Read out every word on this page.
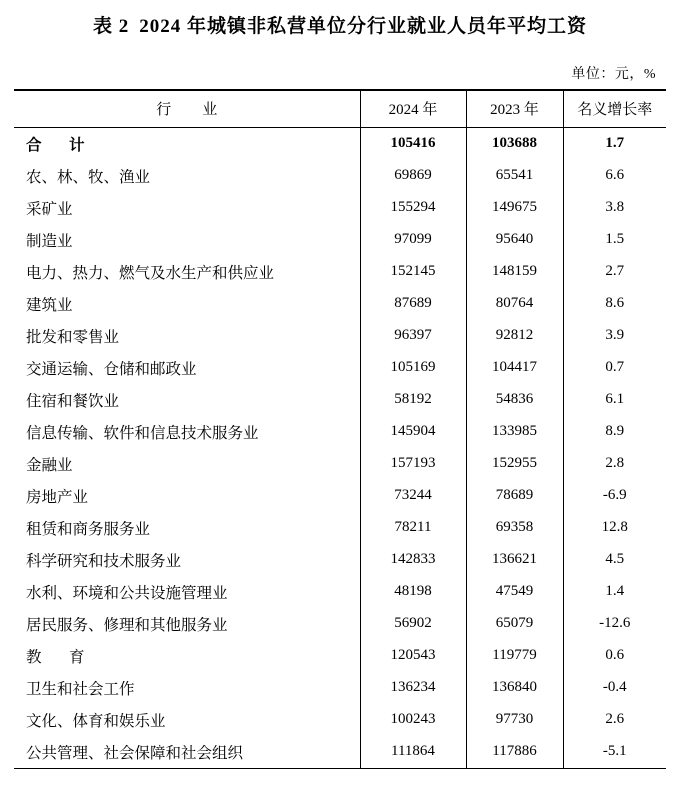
表 2 2024 年城镇非私营单位分行业就业人员年平均工资
单位：元，%
行　业	2024 年	2023 年	名义增长率
合　计	105416	103688	1.7
农、林、牧、渔业	69869	65541	6.6
采矿业	155294	149675	3.8
制造业	97099	95640	1.5
电力、热力、燃气及水生产和供应业	152145	148159	2.7
建筑业	87689	80764	8.6
批发和零售业	96397	92812	3.9
交通运输、仓储和邮政业	105169	104417	0.7
住宿和餐饮业	58192	54836	6.1
信息传输、软件和信息技术服务业	145904	133985	8.9
金融业	157193	152955	2.8
房地产业	73244	78689	-6.9
租赁和商务服务业	78211	69358	12.8
科学研究和技术服务业	142833	136621	4.5
水利、环境和公共设施管理业	48198	47549	1.4
居民服务、修理和其他服务业	56902	65079	-12.6
教　育	120543	119779	0.6
卫生和社会工作	136234	136840	-0.4
文化、体育和娱乐业	100243	97730	2.6
公共管理、社会保障和社会组织	111864	117886	-5.1
